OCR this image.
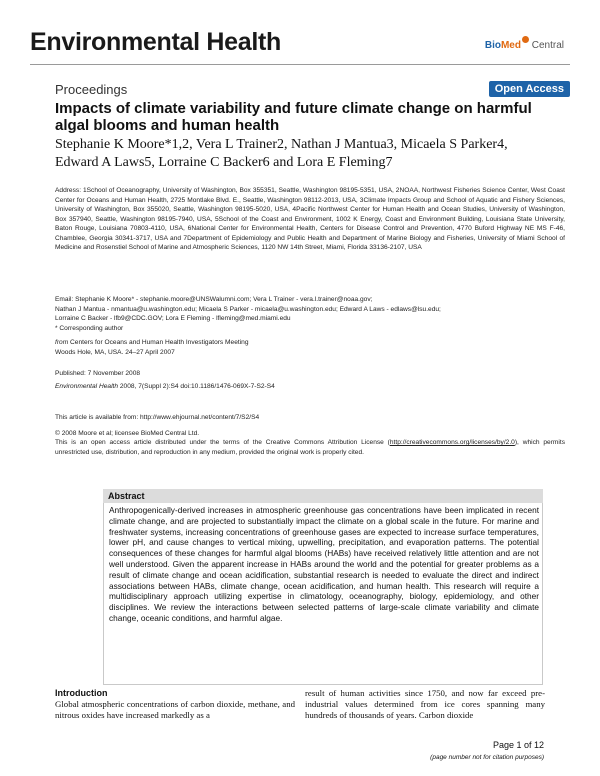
Environmental Health	BioMed Central
Proceedings	Open Access
Impacts of climate variability and future climate change on harmful algal blooms and human health
Stephanie K Moore*1,2, Vera L Trainer2, Nathan J Mantua3, Micaela S Parker4,
Edward A Laws5, Lorraine C Backer6 and Lora E Fleming7
Address: 1School of Oceanography, University of Washington, Box 355351, Seattle, Washington 98195-5351, USA, 2NOAA, Northwest Fisheries Science Center, West Coast Center for Oceans and Human Health, 2725 Montlake Blvd. E., Seattle, Washington 98112-2013, USA, 3Climate Impacts Group and School of Aquatic and Fishery Sciences, University of Washington, Box 355020, Seattle, Washington 98195-5020, USA, 4Pacific Northwest Center for Human Health and Ocean Studies, University of Washington, Box 357940, Seattle, Washington 98195-7940, USA, 5School of the Coast and Environment, 1002 K Energy, Coast and Environment Building, Louisiana State University, Baton Rouge, Louisiana 70803-4110, USA, 6National Center for Environmental Health, Centers for Disease Control and Prevention, 4770 Buford Highway NE MS F-46, Chamblee, Georgia 30341-3717, USA and 7Department of Epidemiology and Public Health and Department of Marine Biology and Fisheries, University of Miami School of Medicine and Rosenstiel School of Marine and Atmospheric Sciences, 1120 NW 14th Street, Miami, Florida 33136-2107, USA
Email: Stephanie K Moore* - stephanie.moore@UNSWalumni.com; Vera L Trainer - vera.l.trainer@noaa.gov;
Nathan J Mantua - nmantua@u.washington.edu; Micaela S Parker - micaela@u.washington.edu; Edward A Laws - edlaws@lsu.edu;
Lorraine C Backer - lfb9@CDC.GOV; Lora E Fleming - lfleming@med.miami.edu
* Corresponding author
from Centers for Oceans and Human Health Investigators Meeting
Woods Hole, MA, USA. 24–27 April 2007
Published: 7 November 2008
Environmental Health 2008, 7(Suppl 2):S4 doi:10.1186/1476-069X-7-S2-S4
This article is available from: http://www.ehjournal.net/content/7/S2/S4
© 2008 Moore et al; licensee BioMed Central Ltd.
This is an open access article distributed under the terms of the Creative Commons Attribution License (http://creativecommons.org/licenses/by/2.0), which permits unrestricted use, distribution, and reproduction in any medium, provided the original work is properly cited.
Abstract
Anthropogenically-derived increases in atmospheric greenhouse gas concentrations have been implicated in recent climate change, and are projected to substantially impact the climate on a global scale in the future. For marine and freshwater systems, increasing concentrations of greenhouse gases are expected to increase surface temperatures, lower pH, and cause changes to vertical mixing, upwelling, precipitation, and evaporation patterns. The potential consequences of these changes for harmful algal blooms (HABs) have received relatively little attention and are not well understood. Given the apparent increase in HABs around the world and the potential for greater problems as a result of climate change and ocean acidification, substantial research is needed to evaluate the direct and indirect associations between HABs, climate change, ocean acidification, and human health. This research will require a multidisciplinary approach utilizing expertise in climatology, oceanography, biology, epidemiology, and other disciplines. We review the interactions between selected patterns of large-scale climate variability and climate change, oceanic conditions, and harmful algae.
Introduction
Global atmospheric concentrations of carbon dioxide, methane, and nitrous oxides have increased markedly as a
result of human activities since 1750, and now far exceed pre-industrial values determined from ice cores spanning many hundreds of thousands of years. Carbon dioxide
Page 1 of 12
(page number not for citation purposes)
